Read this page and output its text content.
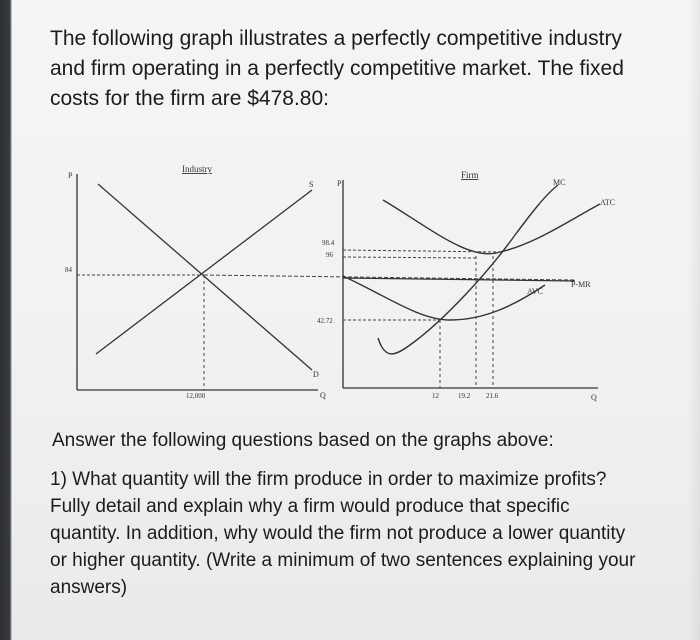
The following graph illustrates a perfectly competitive industry and firm operating in a perfectly competitive market. The fixed costs for the firm are $478.80:

Industry
P
S
D
84
12,000	Q
Firm
P
Q
P-MR
ATC
AVC
MC
98.4
96
42.72
12	19.2 21.6

Answer the following questions based on the graphs above:

1) What quantity will the firm produce in order to maximize profits? Fully detail and explain why a firm would produce that specific quantity. In addition, why would the firm not produce a lower quantity or higher quantity. (Write a minimum of two sentences explaining your answers)
